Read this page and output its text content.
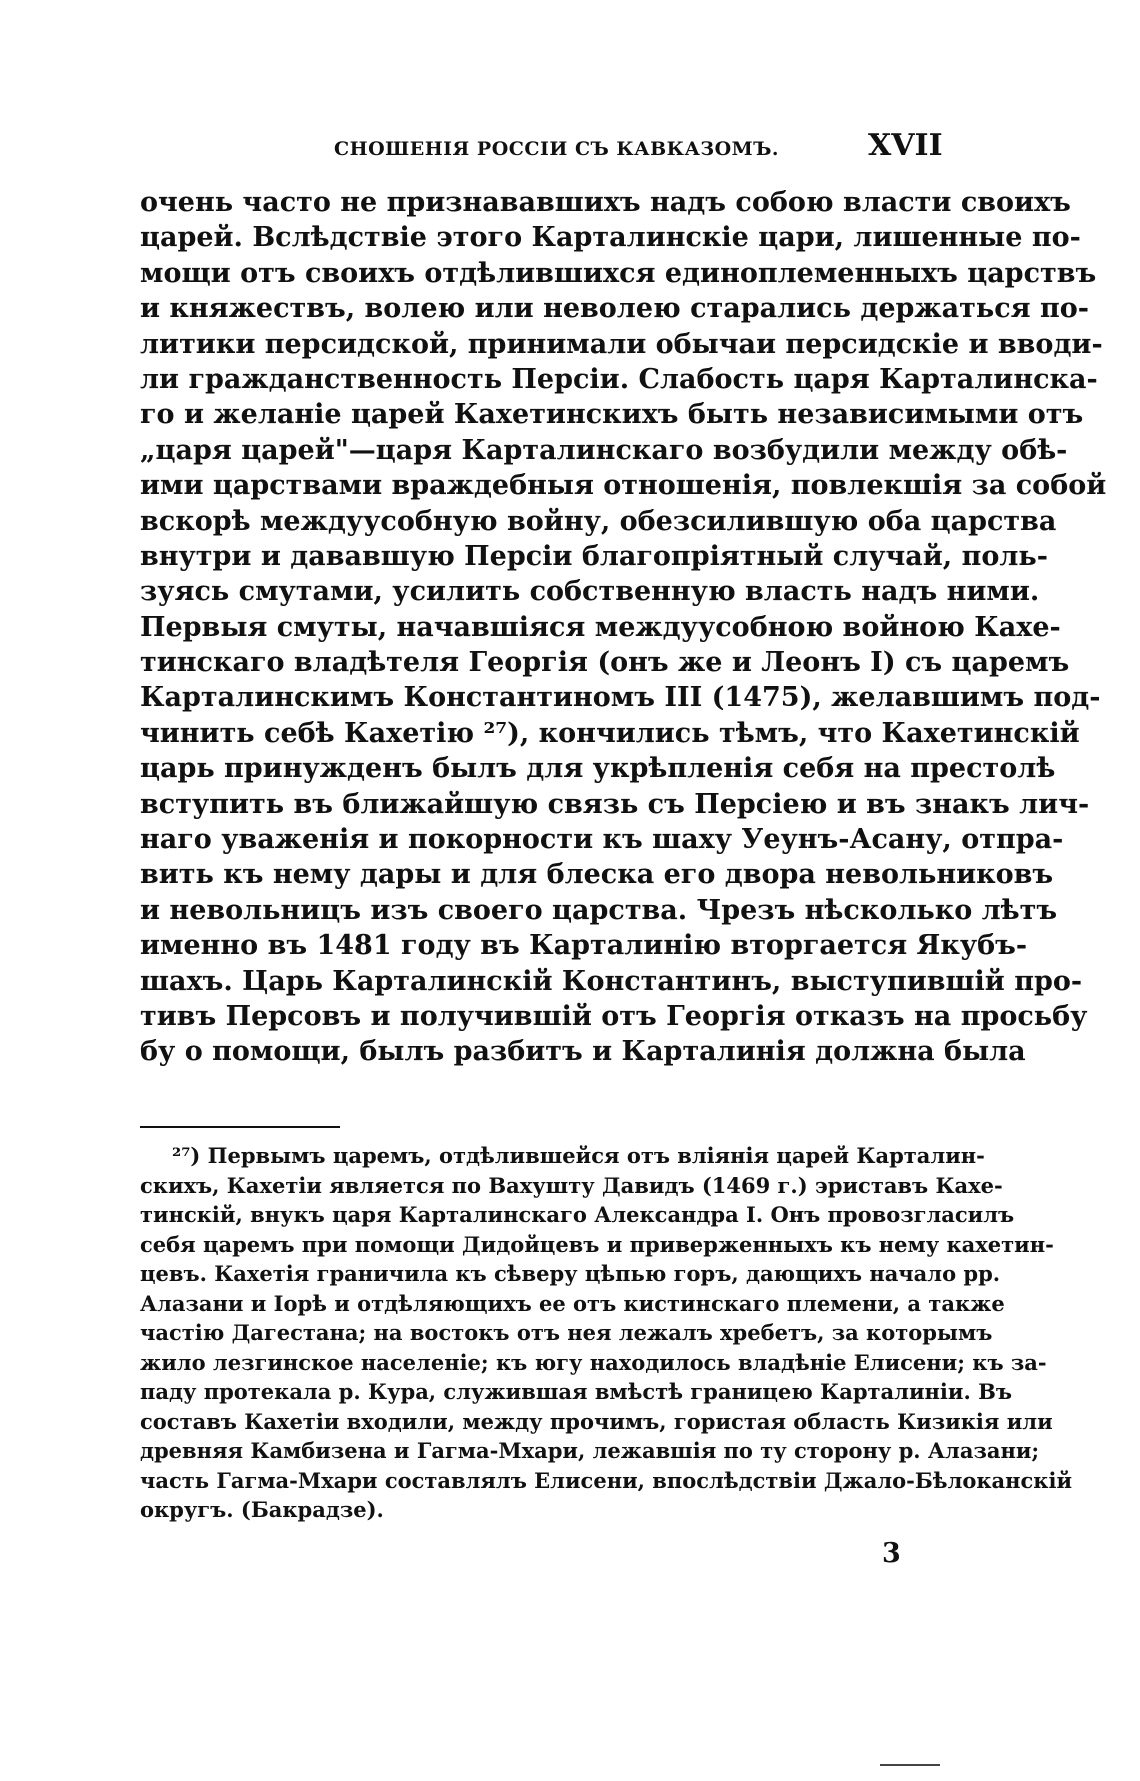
СНОШЕНІЯ РОССІИ СЪ КАВКАЗОМЪ.	XVII
очень часто не признававшихъ надъ собою власти своихъ
царей. Вслѣдствіе этого Карталинскіе цари, лишенные по-
мощи отъ своихъ отдѣлившихся единоплеменныхъ царствъ
и княжествъ, волею или неволею старались держаться по-
литики персидской, принимали обычаи персидскіе и вводи-
ли гражданственность Персіи. Слабость царя Карталинска-
го и желаніе царей Кахетинскихъ быть независимыми отъ
„царя царей"—царя Карталинскаго возбудили между обѣ-
ими царствами враждебныя отношенія, повлекшія за собой
вскорѣ междуусобную войну, обезсилившую оба царства
внутри и дававшую Персіи благопріятный случай, поль-
зуясь смутами, усилить собственную власть надъ ними.
Первыя смуты, начавшіяся междуусобною войною Кахе-
тинскаго владѣтеля Георгія (онъ же и Леонъ I) съ царемъ
Карталинскимъ Константиномъ III (1475), желавшимъ под-
чинить себѣ Кахетію ²⁷), кончились тѣмъ, что Кахетинскій
царь принужденъ былъ для укрѣпленія себя на престолѣ
вступить въ ближайшую связь съ Персіею и въ знакъ лич-
наго уваженія и покорности къ шаху Уеунъ-Асану, отпра-
вить къ нему дары и для блеска его двора невольниковъ
и невольницъ изъ своего царства. Чрезъ нѣсколько лѣтъ
именно въ 1481 году въ Карталинію вторгается Якубъ-
шахъ. Царь Карталинскій Константинъ, выступившій про-
тивъ Персовъ и получившій отъ Георгія отказъ на просьбу
бу о помощи, былъ разбитъ и Карталинія должна была
²⁷) Первымъ царемъ, отдѣлившейся отъ вліянія царей Карталин-
скихъ, Кахетіи является по Вахушту Давидъ (1469 г.) эриставъ Кахе-
тинскій, внукъ царя Карталинскаго Александра I. Онъ провозгласилъ
себя царемъ при помощи Дидойцевъ и приверженныхъ къ нему кахетин-
цевъ. Кахетія граничила къ сѣверу цѣпью горъ, дающихъ начало рр.
Алазани и Іорѣ и отдѣляющихъ ее отъ кистинскаго племени, а также
частію Дагестана; на востокъ отъ нея лежалъ хребетъ, за которымъ
жило лезгинское населеніе; къ югу находилось владѣніе Елисени; къ за-
паду протекала р. Кура, служившая вмѣстѣ границею Карталиніи. Въ
составъ Кахетіи входили, между прочимъ, гористая область Кизикія или
древняя Камбизена и Гагма-Мхари, лежавшія по ту сторону р. Алазани;
часть Гагма-Мхари составлялъ Елисени, впослѣдствіи Джало-Бѣлоканскій
округъ. (Бакрадзе).
3
